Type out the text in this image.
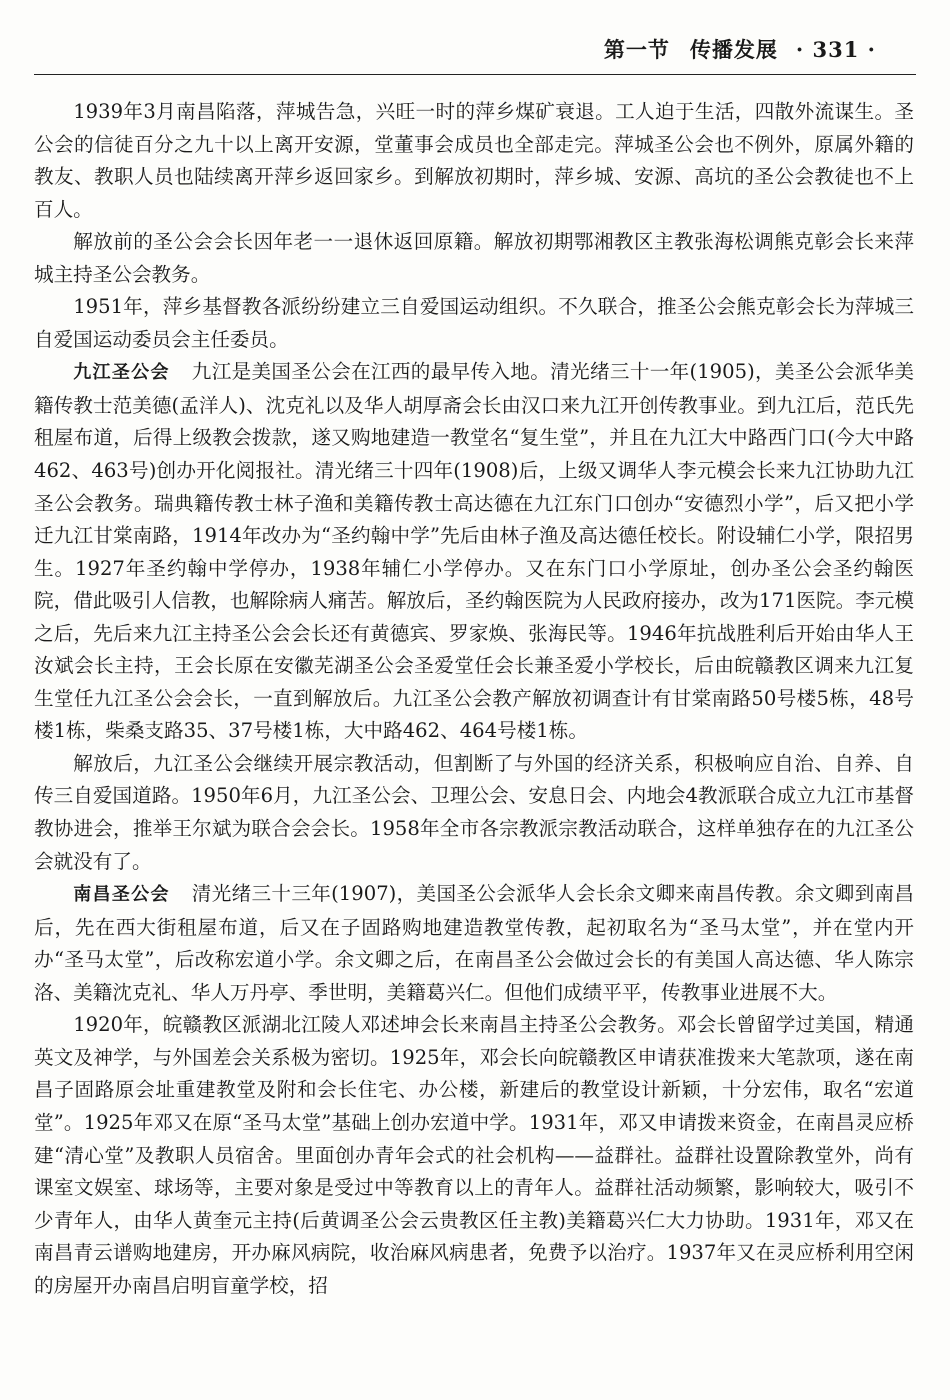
第一节 传播发展 · 331 ·

1939年3月南昌陷落，萍城告急，兴旺一时的萍乡煤矿衰退。工人迫于生活，四散外流谋生。圣公会的信徒百分之九十以上离开安源，堂董事会成员也全部走完。萍城圣公会也不例外，原属外籍的教友、教职人员也陆续离开萍乡返回家乡。到解放初期时，萍乡城、安源、高坑的圣公会教徒也不上百人。

解放前的圣公会会长因年老一一退休返回原籍。解放初期鄂湘教区主教张海松调熊克彰会长来萍城主持圣公会教务。

1951年，萍乡基督教各派纷纷建立三自爱国运动组织。不久联合，推圣公会熊克彰会长为萍城三自爱国运动委员会主任委员。

九江圣公会 九江是美国圣公会在江西的最早传入地。清光绪三十一年(1905)，美圣公会派华美籍传教士范美德(孟洋人)、沈克礼以及华人胡厚斋会长由汉口来九江开创传教事业。到九江后，范氏先租屋布道，后得上级教会拨款，遂又购地建造一教堂名“复生堂”，并且在九江大中路西门口(今大中路462、463号)创办开化阅报社。清光绪三十四年(1908)后，上级又调华人李元模会长来九江协助九江圣公会教务。瑞典籍传教士林子渔和美籍传教士高达德在九江东门口创办“安德烈小学”，后又把小学迁九江甘棠南路，1914年改办为“圣约翰中学”先后由林子渔及高达德任校长。附设辅仁小学，限招男生。1927年圣约翰中学停办，1938年辅仁小学停办。又在东门口小学原址，创办圣公会圣约翰医院，借此吸引人信教，也解除病人痛苦。解放后，圣约翰医院为人民政府接办，改为171医院。李元模之后，先后来九江主持圣公会会长还有黄德宾、罗家焕、张海民等。1946年抗战胜利后开始由华人王汝斌会长主持，王会长原在安徽芜湖圣公会圣爱堂任会长兼圣爱小学校长，后由皖赣教区调来九江复生堂任九江圣公会会长，一直到解放后。九江圣公会教产解放初调查计有甘棠南路50号楼5栋，48号楼1栋，柴桑支路35、37号楼1栋，大中路462、464号楼1栋。

解放后，九江圣公会继续开展宗教活动，但割断了与外国的经济关系，积极响应自治、自养、自传三自爱国道路。1950年6月，九江圣公会、卫理公会、安息日会、内地会4教派联合成立九江市基督教协进会，推举王尔斌为联合会会长。1958年全市各宗教派宗教活动联合，这样单独存在的九江圣公会就没有了。

南昌圣公会 清光绪三十三年(1907)，美国圣公会派华人会长余文卿来南昌传教。余文卿到南昌后，先在西大街租屋布道，后又在子固路购地建造教堂传教，起初取名为“圣马太堂”，并在堂内开办“圣马太堂”，后改称宏道小学。余文卿之后，在南昌圣公会做过会长的有美国人高达德、华人陈宗洛、美籍沈克礼、华人万丹亭、季世明，美籍葛兴仁。但他们成绩平平，传教事业进展不大。

1920年，皖赣教区派湖北江陵人邓述坤会长来南昌主持圣公会教务。邓会长曾留学过美国，精通英文及神学，与外国差会关系极为密切。1925年，邓会长向皖赣教区申请获准拨来大笔款项，遂在南昌子固路原会址重建教堂及附和会长住宅、办公楼，新建后的教堂设计新颖，十分宏伟，取名“宏道堂”。1925年邓又在原“圣马太堂”基础上创办宏道中学。1931年，邓又申请拨来资金，在南昌灵应桥建“清心堂”及教职人员宿舍。里面创办青年会式的社会机构——益群社。益群社设置除教堂外，尚有课室文娱室、球场等，主要对象是受过中等教育以上的青年人。益群社活动频繁，影响较大，吸引不少青年人，由华人黄奎元主持(后黄调圣公会云贵教区任主教)美籍葛兴仁大力协助。1931年，邓又在南昌青云谱购地建房，开办麻风病院，收治麻风病患者，免费予以治疗。1937年又在灵应桥利用空闲的房屋开办南昌启明盲童学校，招
